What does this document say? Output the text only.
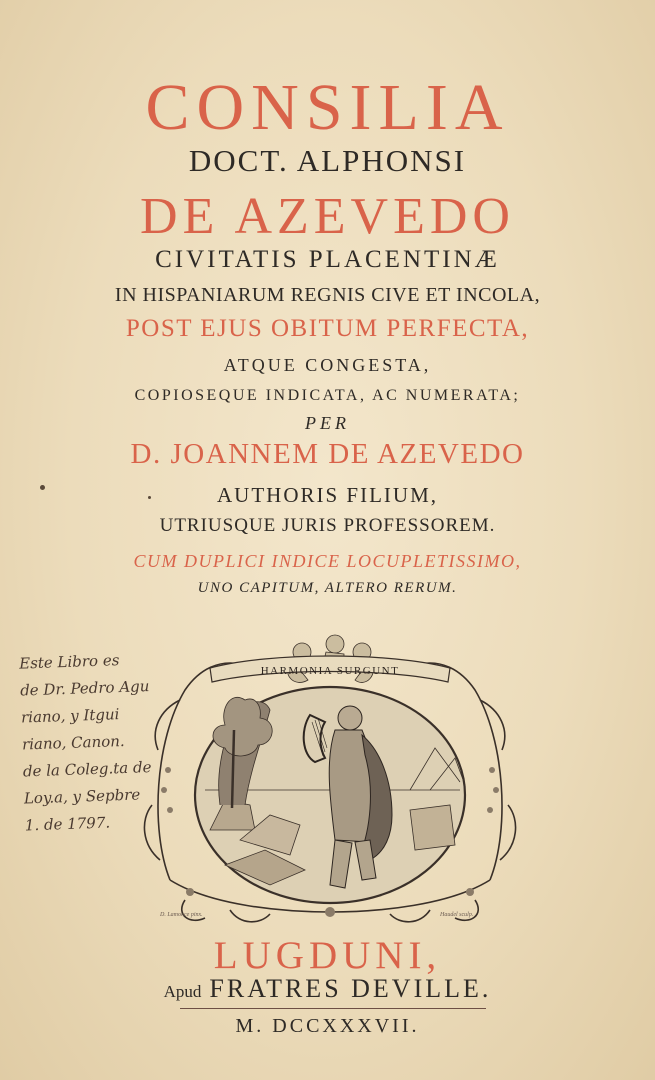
CONSILIA
DOCT. ALPHONSI
DE AZEVEDO
CIVITATIS PLACENTINÆ
IN HISPANIARUM REGNIS CIVE ET INCOLA,
POST EJUS OBITUM PERFECTA,
ATQUE CONGESTA,
COPIOSEQUE INDICATA, AC NUMERATA;
PER
D. JOANNEM DE AZEVEDO
AUTHORIS FILIUM,
UTRIUSQUE JURIS PROFESSOREM.
CUM DUPLICI INDICE LOCUPLETISSIMO,
UNO CAPITUM, ALTERO RERUM.
HARMONIA SURGUNT
D. Lamonce pinx.	Haudel sculp.
Este Libro es
de Dr. Pedro Agu
riano, y Itgui
riano, Canon.
de la Coleg.ta de
Loy.a, y Sepbre
1. de 1797.
LUGDUNI,
Apud FRATRES DEVILLE.
M. DCCXXXVII.
